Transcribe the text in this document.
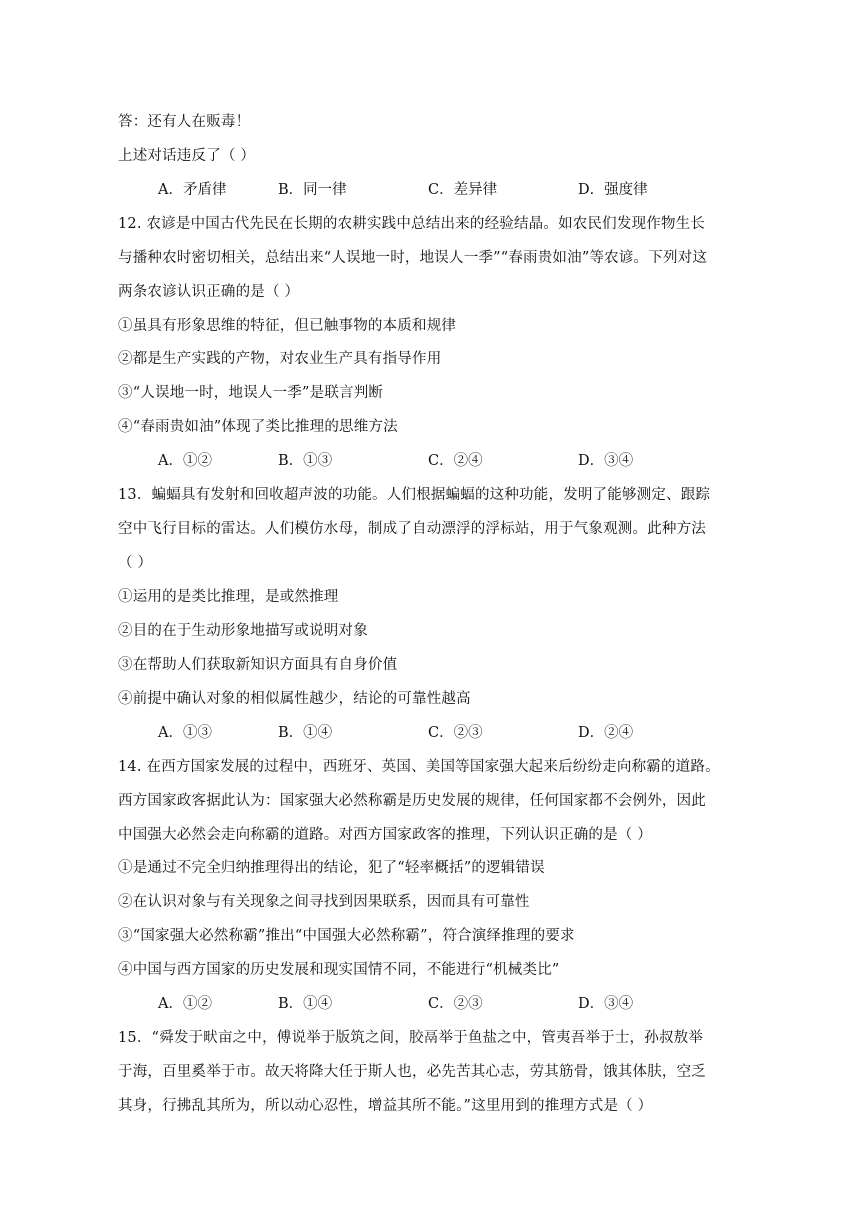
答：还有人在贩毒！
上述对话违反了（ ）
A．矛盾律	B．同一律	C．差异律	D．强度律
12. 农谚是中国古代先民在长期的农耕实践中总结出来的经验结晶。如农民们发现作物生长
与播种农时密切相关，总结出来“人误地一时，地误人一季”“春雨贵如油”等农谚。下列对这
两条农谚认识正确的是（ ）
①虽具有形象思维的特征，但已触事物的本质和规律
②都是生产实践的产物，对农业生产具有指导作用
③“人误地一时，地误人一季”是联言判断
④“春雨贵如油”体现了类比推理的思维方法
A．①②	B．①③	C．②④	D．③④
13．蝙蝠具有发射和回收超声波的功能。人们根据蝙蝠的这种功能，发明了能够测定、跟踪
空中飞行目标的雷达。人们模仿水母，制成了自动漂浮的浮标站，用于气象观测。此种方法
（ ）
①运用的是类比推理，是或然推理
②目的在于生动形象地描写或说明对象
③在帮助人们获取新知识方面具有自身价值
④前提中确认对象的相似属性越少，结论的可靠性越高
A．①③	B．①④	C．②③	D．②④
14. 在西方国家发展的过程中，西班牙、英国、美国等国家强大起来后纷纷走向称霸的道路。
西方国家政客据此认为：国家强大必然称霸是历史发展的规律，任何国家都不会例外，因此
中国强大必然会走向称霸的道路。对西方国家政客的推理，下列认识正确的是（ ）
①是通过不完全归纳推理得出的结论，犯了“轻率概括”的逻辑错误
②在认识对象与有关现象之间寻找到因果联系，因而具有可靠性
③“国家强大必然称霸”推出“中国强大必然称霸”，符合演绎推理的要求
④中国与西方国家的历史发展和现实国情不同，不能进行“机械类比”
A．①②	B．①④	C．②③	D．③④
15．“舜发于畎亩之中，傅说举于版筑之间，胶鬲举于鱼盐之中，管夷吾举于士，孙叔敖举
于海，百里奚举于市。故天将降大任于斯人也，必先苦其心志，劳其筋骨，饿其体肤，空乏
其身，行拂乱其所为，所以动心忍性，增益其所不能。”这里用到的推理方式是（ ）
